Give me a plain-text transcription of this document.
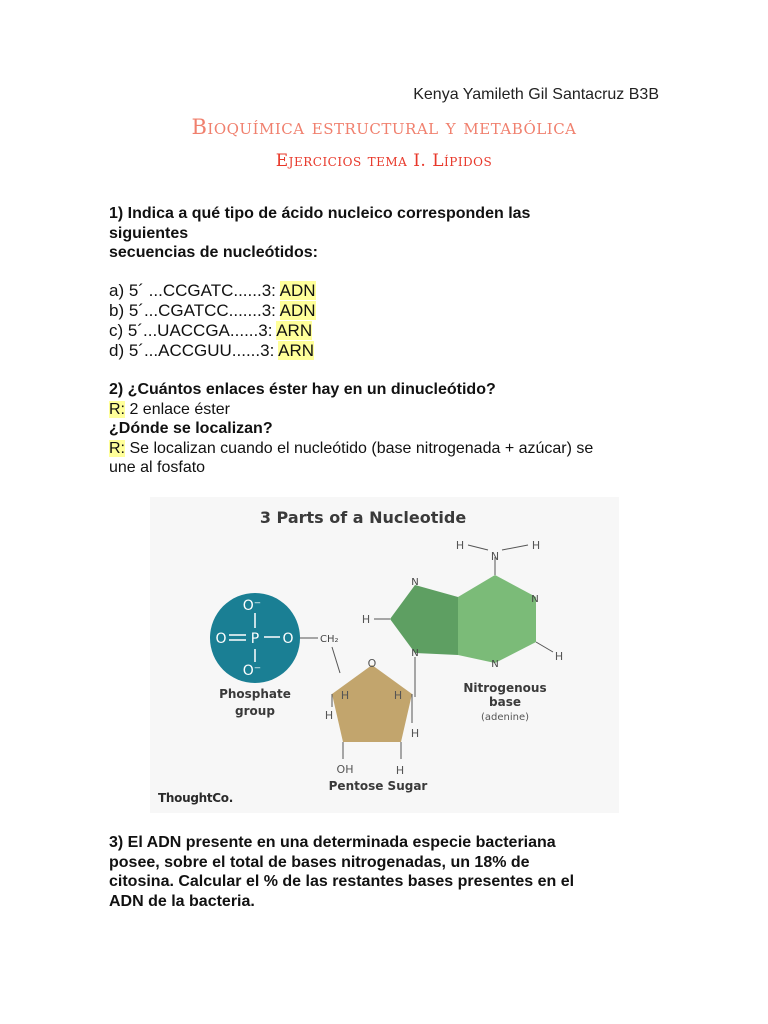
Kenya Yamileth Gil Santacruz B3B
Bioquímica estructural y metabólica
Ejercicios tema I. Lípidos
1) Indica a qué tipo de ácido nucleico corresponden las
siguientes
secuencias de nucleótidos:
a) 5´ ...CCGATC......3: ADN
b) 5´...CGATCC.......3: ADN
c) 5´...UACCGA......3: ARN
d) 5´...ACCGUU......3: ARN
2) ¿Cuántos enlaces éster hay en un dinucleótido?
R: 2 enlace éster
¿Dónde se localizan?
R: Se localizan cuando el nucleótido (base nitrogenada + azúcar) se
une al fosfato
3 Parts of a Nucleotide
O⁻
O P O
O⁻
Phosphate
group
CH₂
O
H	H
H
H
OH	H
Pentose Sugar
H
N
H
N
N
H
N
N
H
Nitrogenous
base
(adenine)
ThoughtCo.
3) El ADN presente en una determinada especie bacteriana
posee, sobre el total de bases nitrogenadas, un 18% de
citosina. Calcular el % de las restantes bases presentes en el
ADN de la bacteria.
